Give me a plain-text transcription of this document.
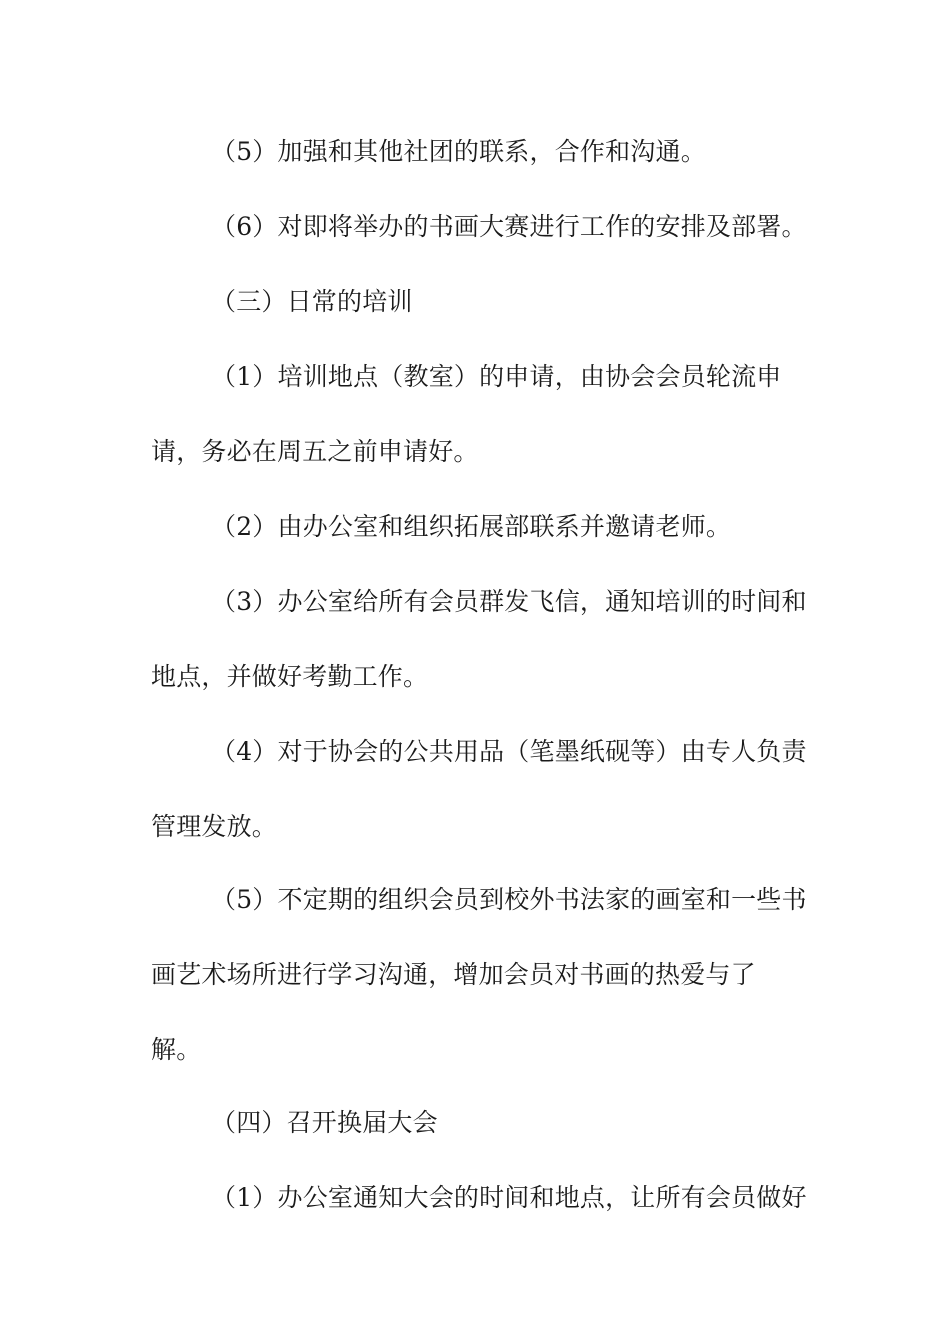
（5）加强和其他社团的联系，合作和沟通。
（6）对即将举办的书画大赛进行工作的安排及部署。
（三）日常的培训
（1）培训地点（教室）的申请，由协会会员轮流申
请，务必在周五之前申请好。
（2）由办公室和组织拓展部联系并邀请老师。
（3）办公室给所有会员群发飞信，通知培训的时间和
地点，并做好考勤工作。
（4）对于协会的公共用品（笔墨纸砚等）由专人负责
管理发放。
（5）不定期的组织会员到校外书法家的画室和一些书
画艺术场所进行学习沟通，增加会员对书画的热爱与了
解。
（四）召开换届大会
（1）办公室通知大会的时间和地点，让所有会员做好
